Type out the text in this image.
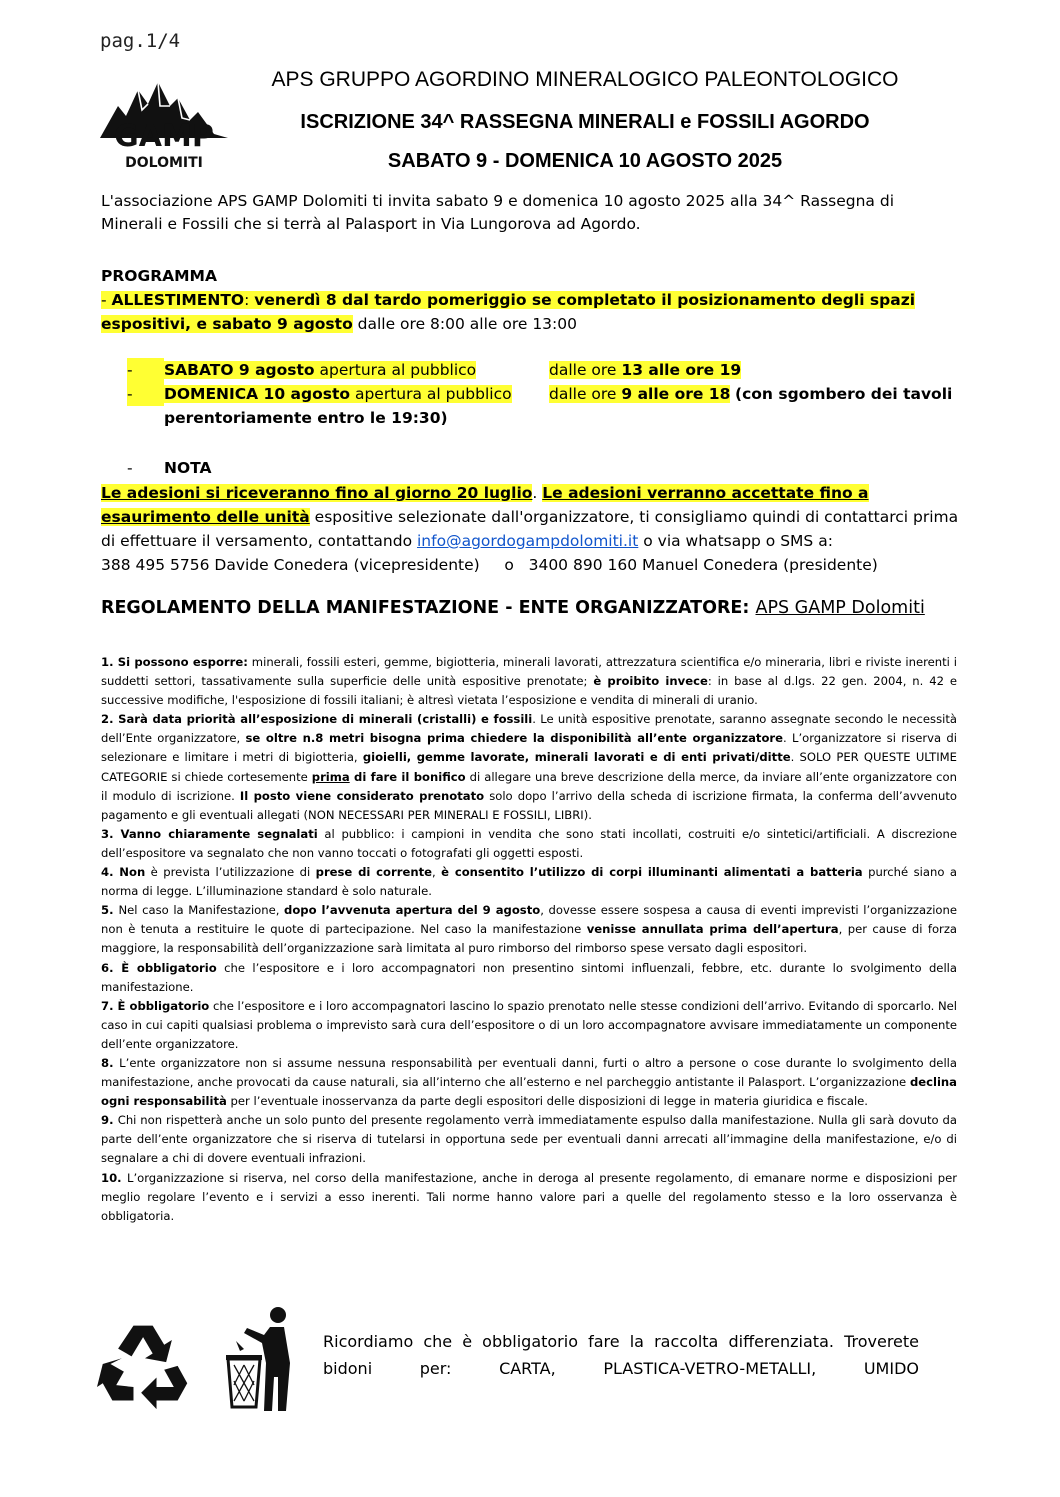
pag.1/4
GAMP
DOLOMITI
APS GRUPPO AGORDINO MINERALOGICO PALEONTOLOGICO
ISCRIZIONE 34^ RASSEGNA MINERALI e FOSSILI AGORDO
SABATO 9 - DOMENICA 10 AGOSTO 2025
L'associazione APS GAMP Dolomiti ti invita sabato 9 e domenica 10 agosto 2025 alla 34^ Rassegna di Minerali e Fossili che si terrà al Palasport in Via Lungorova ad Agordo.
PROGRAMMA
- ALLESTIMENTO: venerdì 8 dal tardo pomeriggio se completato il posizionamento degli spazi espositivi, e sabato 9 agosto dalle ore 8:00 alle ore 13:00
- SABATO 9 agosto apertura al pubblico	dalle ore 13 alle ore 19
- DOMENICA 10 agosto apertura al pubblico dalle ore 9 alle ore 18 (con sgombero dei tavoli
perentoriamente entro le 19:30)
- NOTA
Le adesioni si riceveranno fino al giorno 20 luglio. Le adesioni verranno accettate fino a esaurimento delle unità espositive selezionate dall'organizzatore, ti consigliamo quindi di contattarci prima di effettuare il versamento, contattando info@agordogampdolomiti.it o via whatsapp o SMS a:
388 495 5756 Davide Conedera (vicepresidente) o 3400 890 160 Manuel Conedera (presidente)
REGOLAMENTO DELLA MANIFESTAZIONE - ENTE ORGANIZZATORE: APS GAMP Dolomiti

1. Si possono esporre: minerali, fossili esteri, gemme, bigiotteria, minerali lavorati, attrezzatura scientifica e/o mineraria, libri e riviste inerenti i suddetti settori, tassativamente sulla superficie delle unità espositive prenotate; è proibito invece: in base al d.lgs. 22 gen. 2004, n. 42 e successive modifiche, l'esposizione di fossili italiani; è altresì vietata l’esposizione e vendita di minerali di uranio.

2. Sarà data priorità all’esposizione di minerali (cristalli) e fossili. Le unità espositive prenotate, saranno assegnate secondo le necessità dell’Ente organizzatore, se oltre n.8 metri bisogna prima chiedere la disponibilità all’ente organizzatore. L’organizzatore si riserva di selezionare e limitare i metri di bigiotteria, gioielli, gemme lavorate, minerali lavorati e di enti privati/ditte. SOLO PER QUESTE ULTIME CATEGORIE si chiede cortesemente prima di fare il bonifico di allegare una breve descrizione della merce, da inviare all’ente organizzatore con il modulo di iscrizione. Il posto viene considerato prenotato solo dopo l’arrivo della scheda di iscrizione firmata, la conferma dell’avvenuto pagamento e gli eventuali allegati (NON NECESSARI PER MINERALI E FOSSILI, LIBRI).

3. Vanno chiaramente segnalati al pubblico: i campioni in vendita che sono stati incollati, costruiti e/o sintetici/artificiali. A discrezione dell’espositore va segnalato che non vanno toccati o fotografati gli oggetti esposti.

4. Non è prevista l’utilizzazione di prese di corrente, è consentito l’utilizzo di corpi illuminanti alimentati a batteria purché siano a norma di legge. L’illuminazione standard è solo naturale.

5. Nel caso la Manifestazione, dopo l’avvenuta apertura del 9 agosto, dovesse essere sospesa a causa di eventi imprevisti l’organizzazione non è tenuta a restituire le quote di partecipazione. Nel caso la manifestazione venisse annullata prima dell’apertura, per cause di forza maggiore, la responsabilità dell’organizzazione sarà limitata al puro rimborso del rimborso spese versato dagli espositori.

6. È obbligatorio che l’espositore e i loro accompagnatori non presentino sintomi influenzali, febbre, etc. durante lo svolgimento della manifestazione.

7. È obbligatorio che l’espositore e i loro accompagnatori lascino lo spazio prenotato nelle stesse condizioni dell’arrivo. Evitando di sporcarlo. Nel caso in cui capiti qualsiasi problema o imprevisto sarà cura dell’espositore o di un loro accompagnatore avvisare immediatamente un componente dell’ente organizzatore.

8. L’ente organizzatore non si assume nessuna responsabilità per eventuali danni, furti o altro a persone o cose durante lo svolgimento della manifestazione, anche provocati da cause naturali, sia all’interno che all’esterno e nel parcheggio antistante il Palasport. L’organizzazione declina ogni responsabilità per l’eventuale inosservanza da parte degli espositori delle disposizioni di legge in materia giuridica e fiscale.

9. Chi non rispetterà anche un solo punto del presente regolamento verrà immediatamente espulso dalla manifestazione. Nulla gli sarà dovuto da parte dell’ente organizzatore che si riserva di tutelarsi in opportuna sede per eventuali danni arrecati all’immagine della manifestazione, e/o di segnalare a chi di dovere eventuali infrazioni.

10. L’organizzazione si riserva, nel corso della manifestazione, anche in deroga al presente regolamento, di emanare norme e disposizioni per meglio regolare l’evento e i servizi a esso inerenti. Tali norme hanno valore pari a quelle del regolamento stesso e la loro osservanza è obbligatoria.

Ricordiamo che è obbligatorio fare la raccolta differenziata. Troverete bidoni per: CARTA, PLASTICA-VETRO-METALLI, UMIDO
